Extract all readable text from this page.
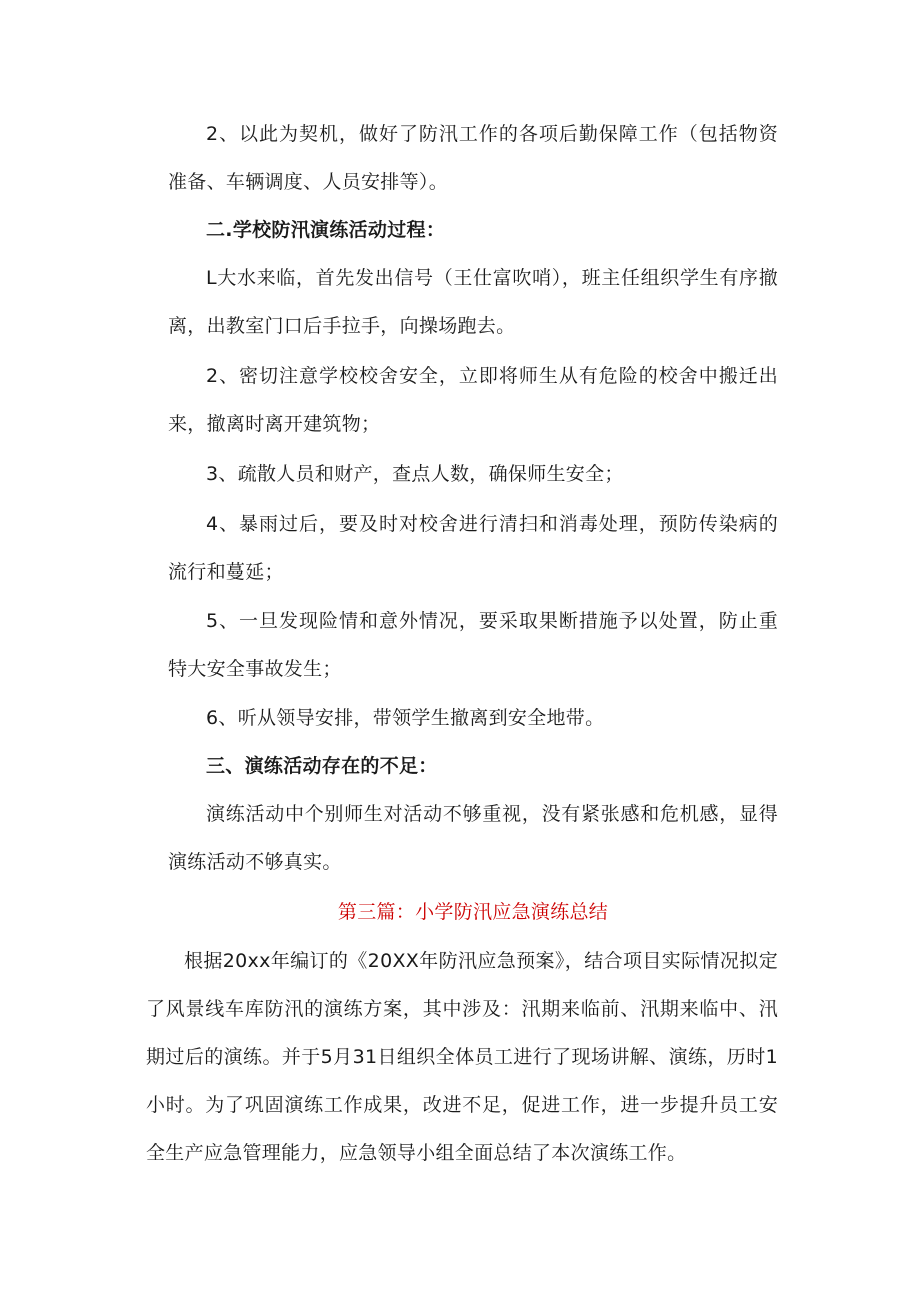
2、以此为契机，做好了防汛工作的各项后勤保障工作（包括物资准备、车辆调度、人员安排等）。

二.学校防汛演练活动过程：

L大水来临，首先发出信号（王仕富吹哨），班主任组织学生有序撤离，出教室门口后手拉手，向操场跑去。

2、密切注意学校校舍安全，立即将师生从有危险的校舍中搬迁出来，撤离时离开建筑物；

3、疏散人员和财产，查点人数，确保师生安全；

4、暴雨过后，要及时对校舍进行清扫和消毒处理，预防传染病的流行和蔓延；

5、一旦发现险情和意外情况，要采取果断措施予以处置，防止重特大安全事故发生；

6、听从领导安排，带领学生撤离到安全地带。

三、演练活动存在的不足：

演练活动中个别师生对活动不够重视，没有紧张感和危机感，显得演练活动不够真实。

第三篇：小学防汛应急演练总结

根据20xx年编订的《20XX年防汛应急预案》，结合项目实际情况拟定了风景线车库防汛的演练方案，其中涉及：汛期来临前、汛期来临中、汛期过后的演练。并于5月31日组织全体员工进行了现场讲解、演练，历时1小时。为了巩固演练工作成果，改进不足，促进工作，进一步提升员工安全生产应急管理能力，应急领导小组全面总结了本次演练工作。
